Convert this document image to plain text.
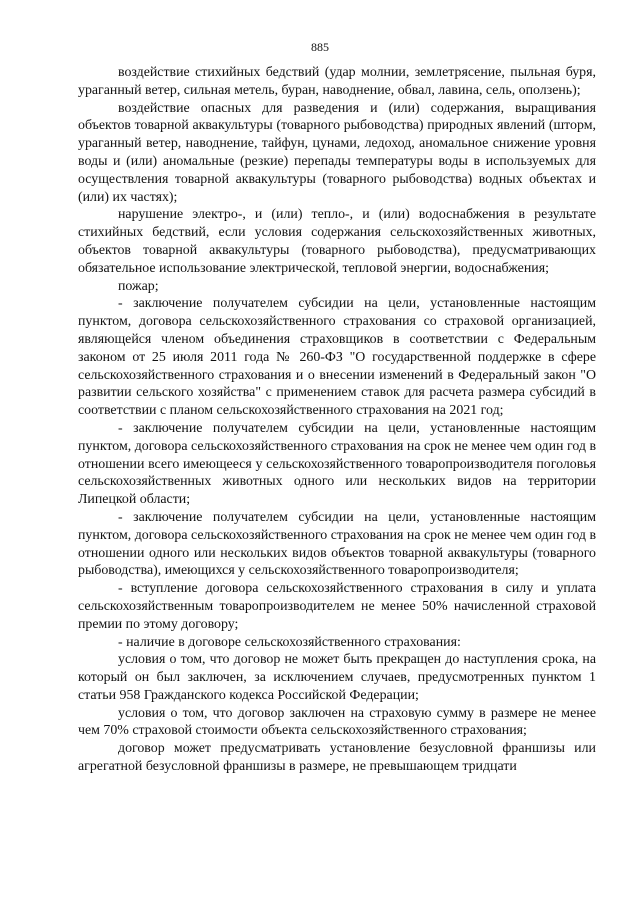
885

воздействие стихийных бедствий (удар молнии, землетрясение, пыльная буря, ураганный ветер, сильная метель, буран, наводнение, обвал, лавина, сель, оползень);

воздействие опасных для разведения и (или) содержания, выращивания объектов товарной аквакультуры (товарного рыбоводства) природных явлений (шторм, ураганный ветер, наводнение, тайфун, цунами, ледоход, аномальное снижение уровня воды и (или) аномальные (резкие) перепады температуры воды в используемых для осуществления товарной аквакультуры (товарного рыбоводства) водных объектах и (или) их частях);

нарушение электро-, и (или) тепло-, и (или) водоснабжения в результате стихийных бедствий, если условия содержания сельскохозяйственных животных, объектов товарной аквакультуры (товарного рыбоводства), предусматривающих обязательное использование электрической, тепловой энергии, водоснабжения;

пожар;

- заключение получателем субсидии на цели, установленные настоящим пунктом, договора сельскохозяйственного страхования со страховой организацией, являющейся членом объединения страховщиков в соответствии с Федеральным законом от 25 июля 2011 года № 260-ФЗ "О государственной поддержке в сфере сельскохозяйственного страхования и о внесении изменений в Федеральный закон "О развитии сельского хозяйства" с применением ставок для расчета размера субсидий в соответствии с планом сельскохозяйственного страхования на 2021 год;

- заключение получателем субсидии на цели, установленные настоящим пунктом, договора сельскохозяйственного страхования на срок не менее чем один год в отношении всего имеющееся у сельскохозяйственного товаропроизводителя поголовья сельскохозяйственных животных одного или нескольких видов на территории Липецкой области;

- заключение получателем субсидии на цели, установленные настоящим пунктом, договора сельскохозяйственного страхования на срок не менее чем один год в отношении одного или нескольких видов объектов товарной аквакультуры (товарного рыбоводства), имеющихся у сельскохозяйственного товаропроизводителя;

- вступление договора сельскохозяйственного страхования в силу и уплата сельскохозяйственным товаропроизводителем не менее 50% начисленной страховой премии по этому договору;

- наличие в договоре сельскохозяйственного страхования:

условия о том, что договор не может быть прекращен до наступления срока, на который он был заключен, за исключением случаев, предусмотренных пунктом 1 статьи 958 Гражданского кодекса Российской Федерации;

условия о том, что договор заключен на страховую сумму в размере не менее чем 70% страховой стоимости объекта сельскохозяйственного страхования;

договор может предусматривать установление безусловной франшизы или агрегатной безусловной франшизы в размере, не превышающем тридцати
